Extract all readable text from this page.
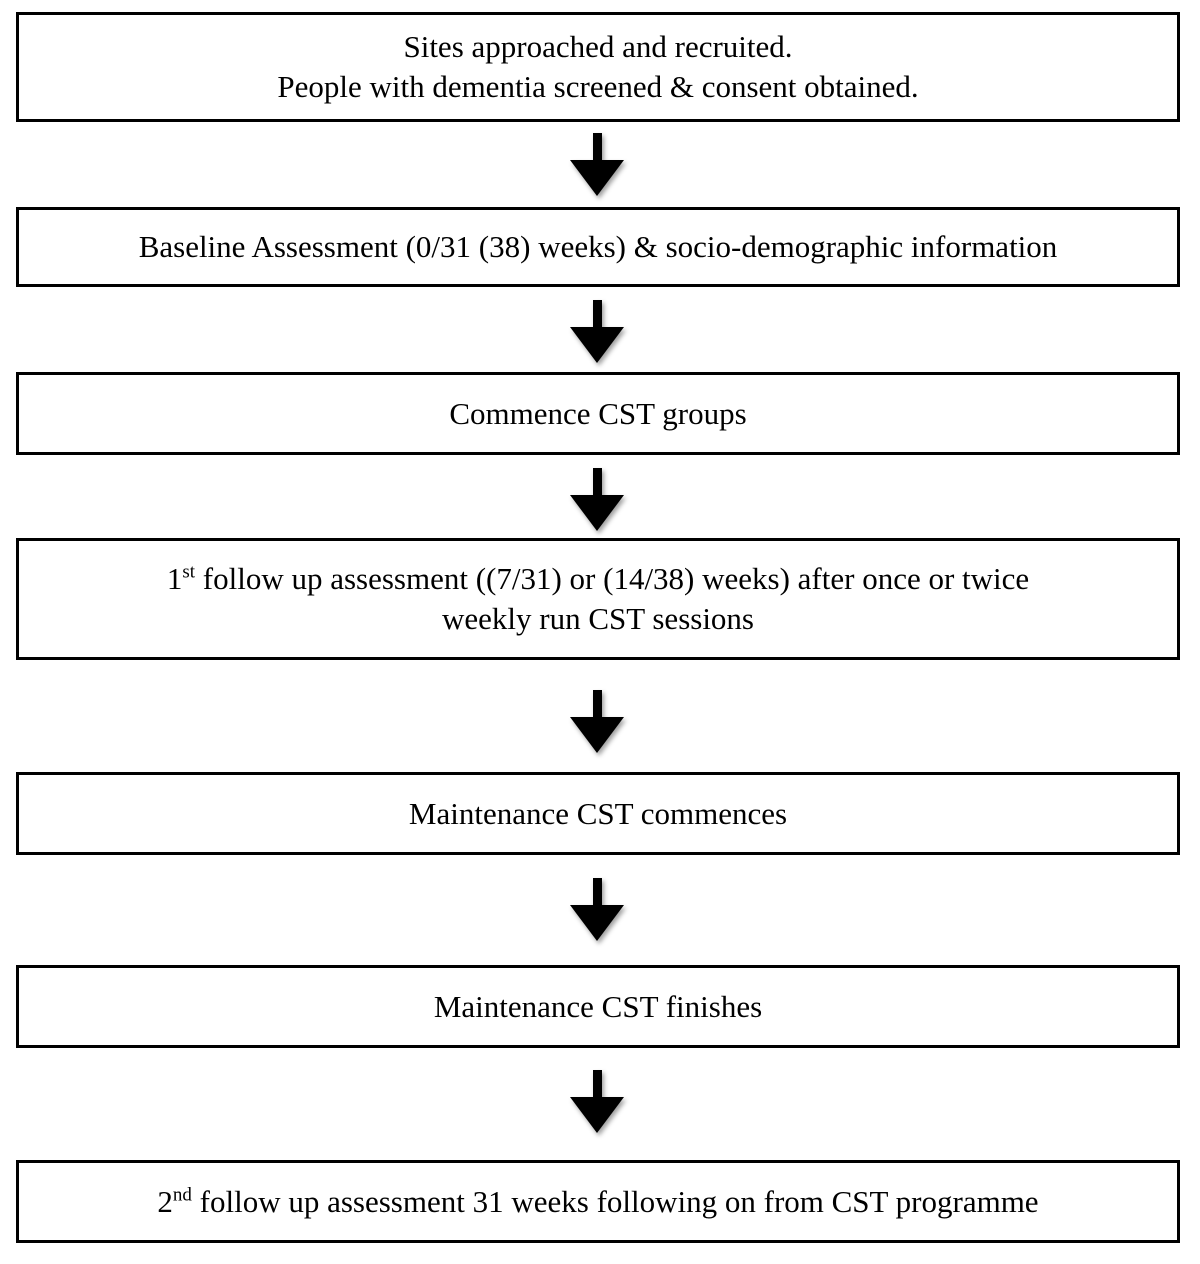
Sites approached and recruited.
People with dementia screened & consent obtained.
Baseline Assessment (0/31 (38) weeks) & socio-demographic information
Commence CST groups
1st follow up assessment ((7/31) or (14/38) weeks) after once or twice
weekly run CST sessions
Maintenance CST commences
Maintenance CST finishes
2nd follow up assessment 31 weeks following on from CST programme
